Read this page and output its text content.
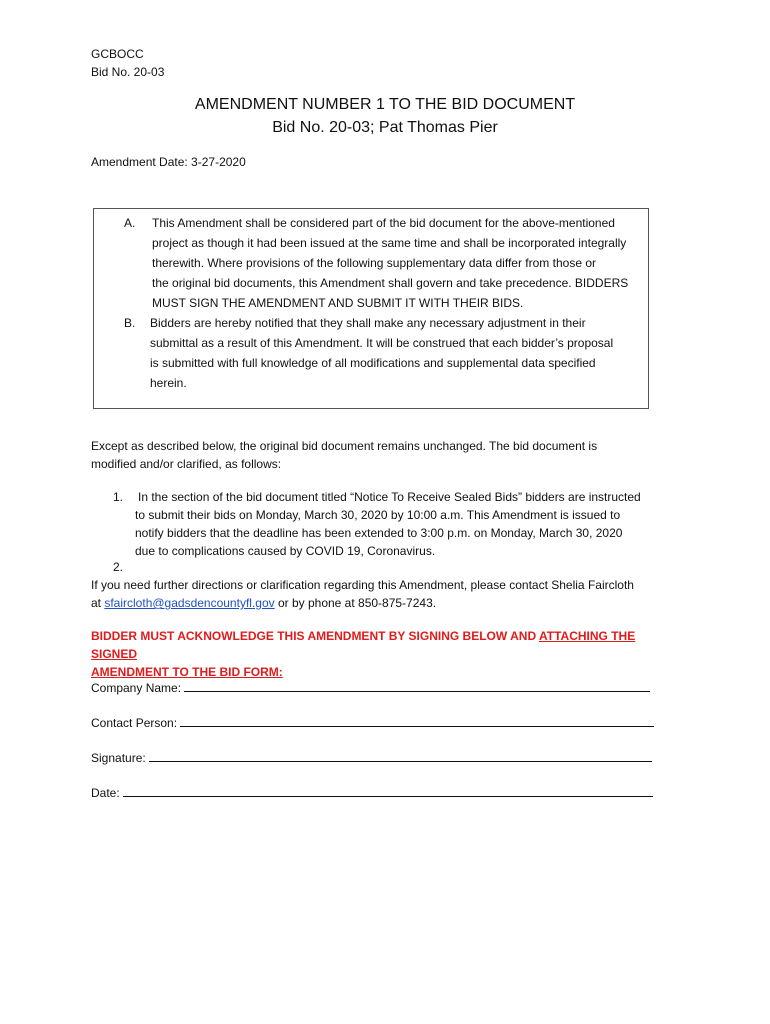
GCBOCC
Bid No. 20-03
AMENDMENT NUMBER 1 TO THE BID DOCUMENT
Bid No. 20-03; Pat Thomas Pier
Amendment Date: 3-27-2020
A. This Amendment shall be considered part of the bid document for the above-mentioned
project as though it had been issued at the same time and shall be incorporated integrally
therewith. Where provisions of the following supplementary data differ from those or
the original bid documents, this Amendment shall govern and take precedence. BIDDERS
MUST SIGN THE AMENDMENT AND SUBMIT IT WITH THEIR BIDS.
B. Bidders are hereby notified that they shall make any necessary adjustment in their
submittal as a result of this Amendment. It will be construed that each bidder’s proposal
is submitted with full knowledge of all modifications and supplemental data specified
herein.
Except as described below, the original bid document remains unchanged. The bid document is
modified and/or clarified, as follows:
1. In the section of the bid document titled “Notice To Receive Sealed Bids” bidders are instructed
to submit their bids on Monday, March 30, 2020 by 10:00 a.m. This Amendment is issued to
notify bidders that the deadline has been extended to 3:00 p.m. on Monday, March 30, 2020
due to complications caused by COVID 19, Coronavirus.
2.
If you need further directions or clarification regarding this Amendment, please contact Shelia Faircloth
at sfaircloth@gadsdencountyfl.gov or by phone at 850-875-7243.
BIDDER MUST ACKNOWLEDGE THIS AMENDMENT BY SIGNING BELOW AND ATTACHING THE SIGNED
AMENDMENT TO THE BID FORM:
Company Name:
Contact Person:
Signature:
Date:
